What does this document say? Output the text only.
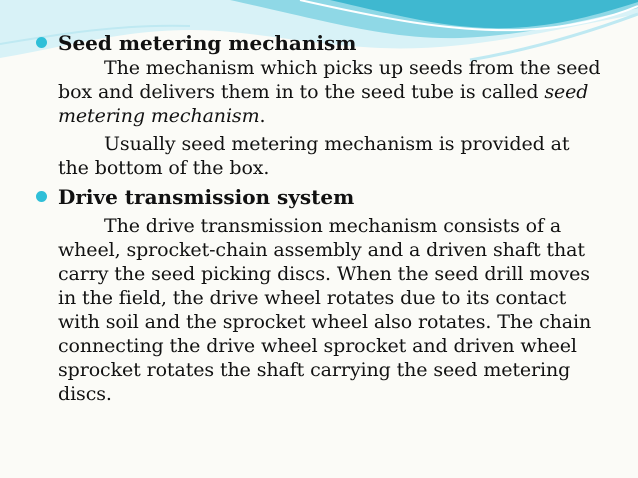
Seed metering mechanism

The mechanism which picks up seeds from the seed box and delivers them in to the seed tube is called seed metering mechanism.

Usually seed metering mechanism is provided at the bottom of the box.

Drive transmission system

The drive transmission mechanism consists of a wheel, sprocket-chain assembly and a driven shaft that carry the seed picking discs. When the seed drill moves in the field, the drive wheel rotates due to its contact with soil and the sprocket wheel also rotates. The chain connecting the drive wheel sprocket and driven wheel sprocket rotates the shaft carrying the seed metering discs.
